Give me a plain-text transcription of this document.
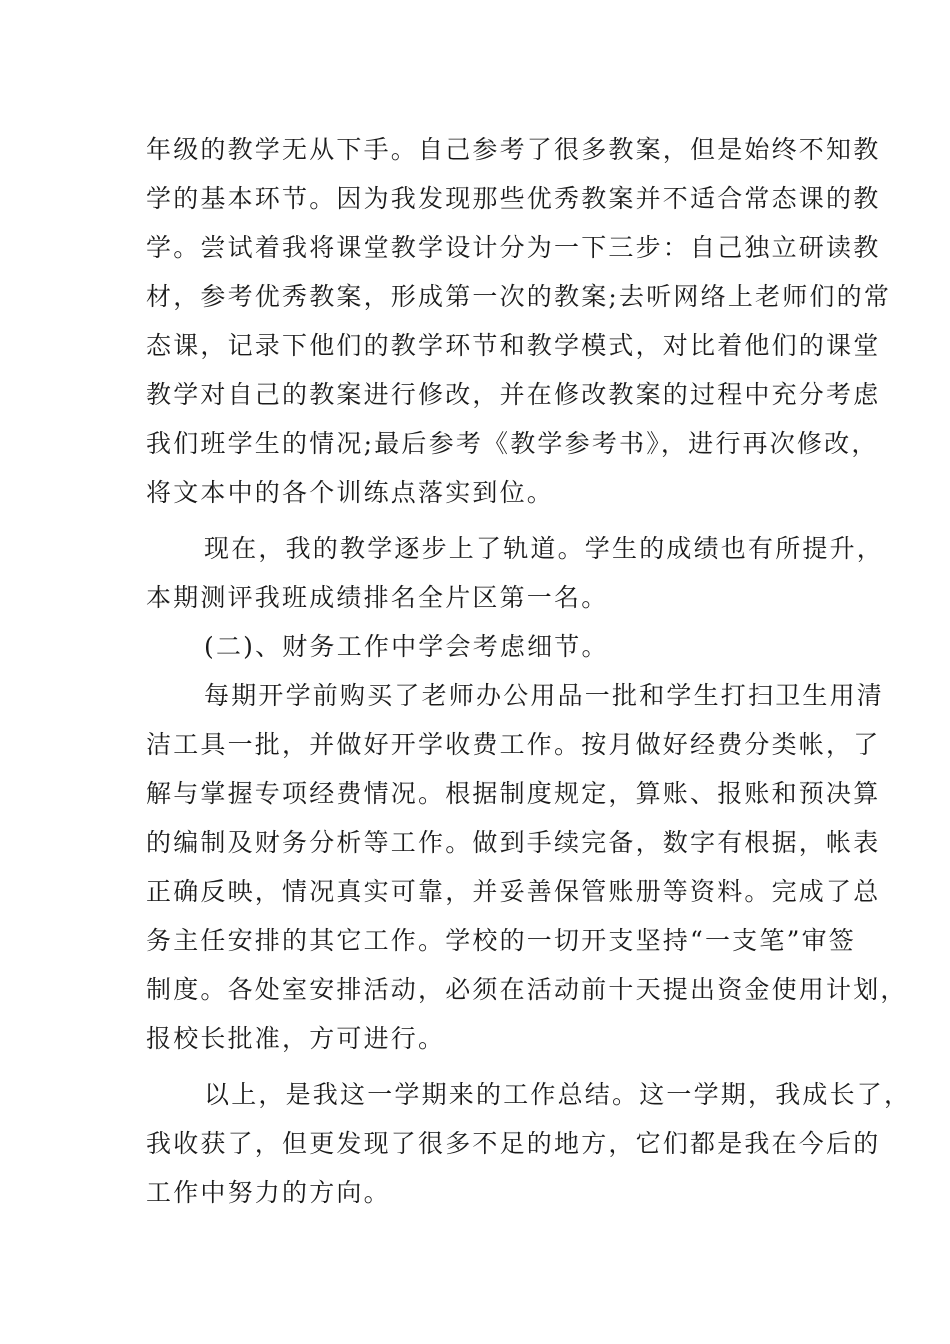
年级的教学无从下手。自己参考了很多教案，但是始终不知教
学的基本环节。因为我发现那些优秀教案并不适合常态课的教
学。尝试着我将课堂教学设计分为一下三步：自己独立研读教
材，参考优秀教案，形成第一次的教案;去听网络上老师们的常
态课，记录下他们的教学环节和教学模式，对比着他们的课堂
教学对自己的教案进行修改，并在修改教案的过程中充分考虑
我们班学生的情况;最后参考《教学参考书》，进行再次修改，
将文本中的各个训练点落实到位。
现在，我的教学逐步上了轨道。学生的成绩也有所提升，
本期测评我班成绩排名全片区第一名。
(二)、财务工作中学会考虑细节。
每期开学前购买了老师办公用品一批和学生打扫卫生用清
洁工具一批，并做好开学收费工作。按月做好经费分类帐，了
解与掌握专项经费情况。根据制度规定，算账、报账和预决算
的编制及财务分析等工作。做到手续完备，数字有根据，帐表
正确反映，情况真实可靠，并妥善保管账册等资料。完成了总
务主任安排的其它工作。学校的一切开支坚持“一支笔”审签
制度。各处室安排活动，必须在活动前十天提出资金使用计划，
报校长批准，方可进行。
以上，是我这一学期来的工作总结。这一学期，我成长了，
我收获了，但更发现了很多不足的地方，它们都是我在今后的
工作中努力的方向。
